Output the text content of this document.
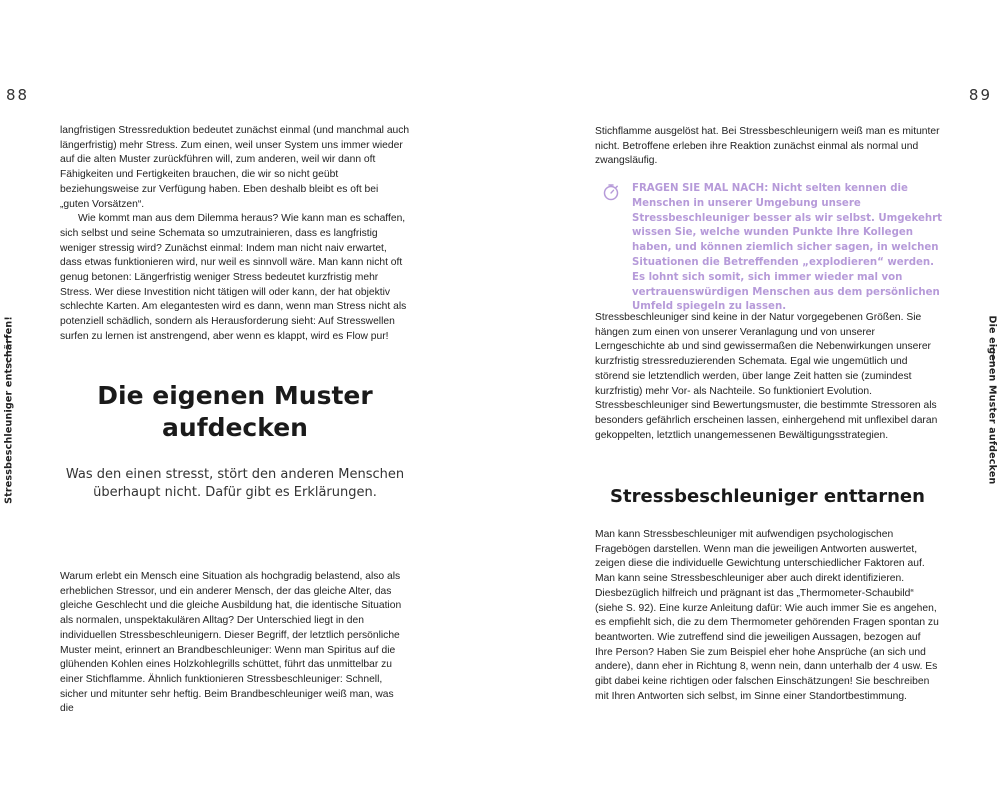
88	89
Stressbeschleuniger entschärfen!	Die eigenen Muster aufdecken

langfristigen Stressreduktion bedeutet zunächst einmal (und manchmal auch längerfristig) mehr Stress. Zum einen, weil unser System uns immer wieder auf die alten Muster zurückführen will, zum anderen, weil wir dann oft Fähigkeiten und Fertigkeiten brauchen, die wir so nicht geübt beziehungsweise zur Verfügung haben. Eben deshalb bleibt es oft bei „guten Vorsätzen“.

Wie kommt man aus dem Dilemma heraus? Wie kann man es schaffen, sich selbst und seine Schemata so umzutrainieren, dass es langfristig weniger stressig wird? Zunächst einmal: Indem man nicht naiv erwartet, dass etwas funktionieren wird, nur weil es sinnvoll wäre. Man kann nicht oft genug betonen: Längerfristig weniger Stress bedeutet kurzfristig mehr Stress. Wer diese Investition nicht tätigen will oder kann, der hat objektiv schlechte Karten. Am elegantesten wird es dann, wenn man Stress nicht als potenziell schädlich, sondern als Herausforderung sieht: Auf Stresswellen surfen zu lernen ist anstrengend, aber wenn es klappt, wird es Flow pur!

Die eigenen Muster aufdecken

Was den einen stresst, stört den anderen Menschen überhaupt nicht. Dafür gibt es Erklärungen.

Warum erlebt ein Mensch eine Situation als hochgradig belastend, also als erheblichen Stressor, und ein anderer Mensch, der das gleiche Alter, das gleiche Geschlecht und die gleiche Ausbildung hat, die identische Situation als normalen, unspektakulären Alltag? Der Unterschied liegt in den individuellen Stressbeschleunigern. Dieser Begriff, der letztlich persönliche Muster meint, erinnert an Brandbeschleuniger: Wenn man Spiritus auf die glühenden Kohlen eines Holzkohlegrills schüttet, führt das unmittelbar zu einer Stichflamme. Ähnlich funktionieren Stressbeschleuniger: Schnell, sicher und mitunter sehr heftig. Beim Brandbeschleuniger weiß man, was die

Stichflamme ausgelöst hat. Bei Stressbeschleunigern weiß man es mitunter nicht. Betroffene erleben ihre Reaktion zunächst einmal als normal und zwangsläufig.

FRAGEN SIE MAL NACH: Nicht selten kennen die Menschen in unserer Umgebung unsere Stressbeschleuniger besser als wir selbst. Umgekehrt wissen Sie, welche wunden Punkte Ihre Kollegen haben, und können ziemlich sicher sagen, in welchen Situationen die Betreffenden „explodieren“ werden. Es lohnt sich somit, sich immer wieder mal von vertrauenswürdigen Menschen aus dem persönlichen Umfeld spiegeln zu lassen.

Stressbeschleuniger sind keine in der Natur vorgegebenen Größen. Sie hängen zum einen von unserer Veranlagung und von unserer Lerngeschichte ab und sind gewissermaßen die Nebenwirkungen unserer kurzfristig stressreduzierenden Schemata. Egal wie ungemütlich und störend sie letztendlich werden, über lange Zeit hatten sie (zumindest kurzfristig) mehr Vor- als Nachteile. So funktioniert Evolution. Stressbeschleuniger sind Bewertungsmuster, die bestimmte Stressoren als besonders gefährlich erscheinen lassen, einhergehend mit unflexibel daran gekoppelten, letztlich unangemessenen Bewältigungsstrategien.

Stressbeschleuniger enttarnen

Man kann Stressbeschleuniger mit aufwendigen psychologischen Fragebögen darstellen. Wenn man die jeweiligen Antworten auswertet, zeigen diese die individuelle Gewichtung unterschiedlicher Faktoren auf. Man kann seine Stressbeschleuniger aber auch direkt identifizieren. Diesbezüglich hilfreich und prägnant ist das „Thermometer-Schaubild“ (siehe S. 92). Eine kurze Anleitung dafür: Wie auch immer Sie es angehen, es empfiehlt sich, die zu dem Thermometer gehörenden Fragen spontan zu beantworten. Wie zutreffend sind die jeweiligen Aussagen, bezogen auf Ihre Person? Haben Sie zum Beispiel eher hohe Ansprüche (an sich und andere), dann eher in Richtung 8, wenn nein, dann unterhalb der 4 usw. Es gibt dabei keine richtigen oder falschen Einschätzungen! Sie beschreiben mit Ihren Antworten sich selbst, im Sinne einer Standortbestimmung.
